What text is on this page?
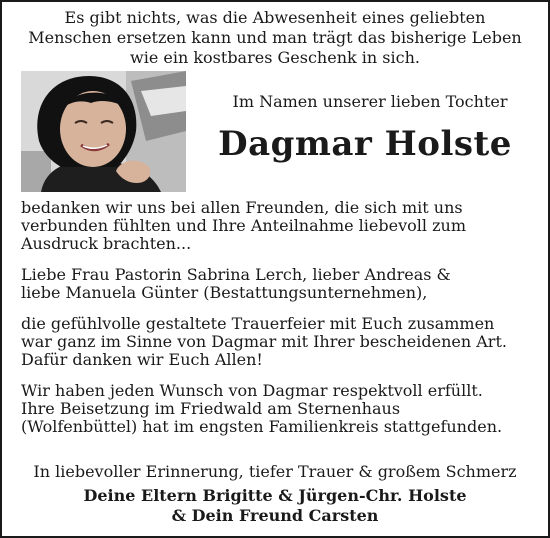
Es gibt nichts, was die Abwesenheit eines geliebten
Menschen ersetzen kann und man trägt das bisherige Leben
wie ein kostbares Geschenk in sich.
Im Namen unserer lieben Tochter
Dagmar Holste
bedanken wir uns bei allen Freunden, die sich mit uns
verbunden fühlten und Ihre Anteilnahme liebevoll zum
Ausdruck brachten...
Liebe Frau Pastorin Sabrina Lerch, lieber Andreas &
liebe Manuela Günter (Bestattungsunternehmen),
die gefühlvolle gestaltete Trauerfeier mit Euch zusammen
war ganz im Sinne von Dagmar mit Ihrer bescheidenen Art.
Dafür danken wir Euch Allen!
Wir haben jeden Wunsch von Dagmar respektvoll erfüllt.
Ihre Beisetzung im Friedwald am Sternenhaus
(Wolfenbüttel) hat im engsten Familienkreis stattgefunden.
In liebevoller Erinnerung, tiefer Trauer & großem Schmerz
Deine Eltern Brigitte & Jürgen-Chr. Holste
& Dein Freund Carsten
